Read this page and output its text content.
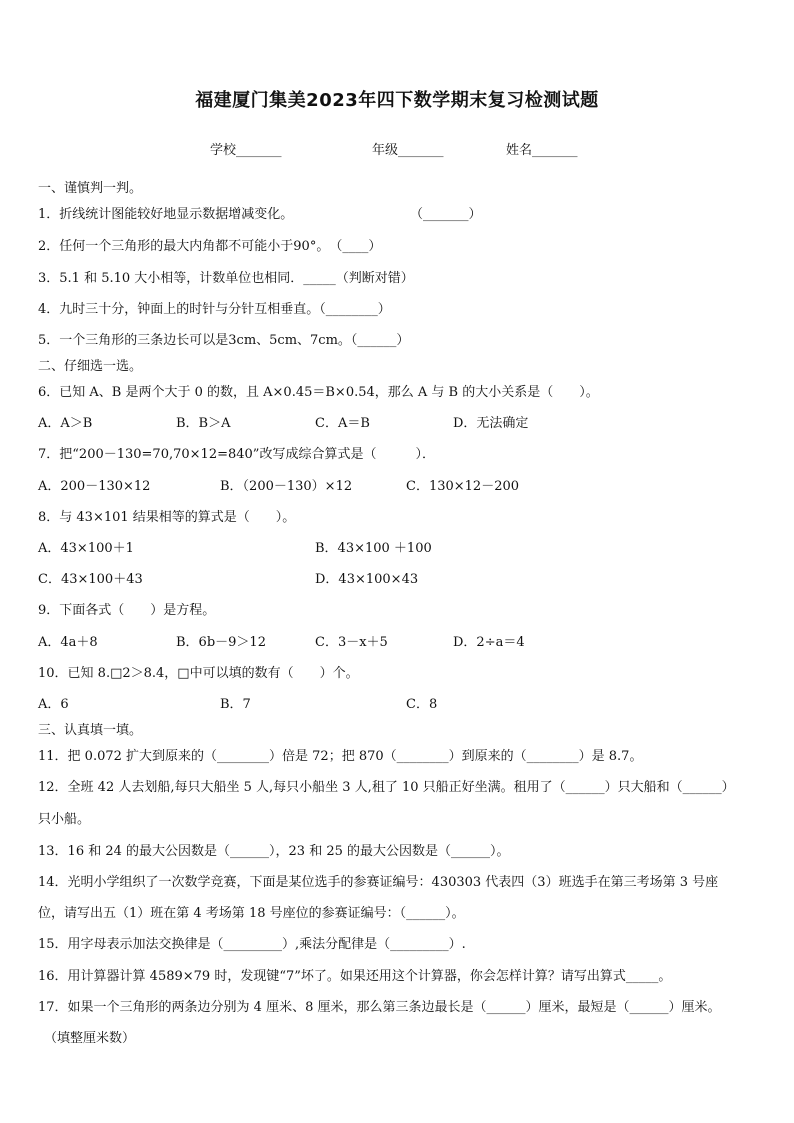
福建厦门集美2023年四下数学期末复习检测试题
学校_______	年级_______	姓名_______
一、谨慎判一判。
1．折线统计图能较好地显示数据增减变化。	（_______）
2．任何一个三角形的最大内角都不可能小于90°。　（____）
3．5.1 和 5.10 大小相等，计数单位也相同．_____（判断对错）
4．九时三十分，钟面上的时针与分针互相垂直。（________）
5．一个三角形的三条边长可以是3cm、5cm、7cm。（______）
二、仔细选一选。
6．已知 A、B 是两个大于 0 的数，且 A×0.45＝B×0.54，那么 A 与 B 的大小关系是（　　）。
A．A＞B	B．B＞A	C．A＝B	D．无法确定
7．把“200－130=70,70×12=840”改写成综合算式是（　　　）．
A．200－130×12	B．（200－130）×12	C．130×12－200
8．与 43×101 结果相等的算式是（　　）。
A．43×100＋1	B．43×100 ＋100
C．43×100＋43	D．43×100×43
9．下面各式（　　）是方程。
A．4a＋8	B．6b－9＞12	C．3－x＋5	D．2÷a＝4
10．已知 8.□2＞8.4，□中可以填的数有（　　）个。
A．6	B．7	C．8
三、认真填一填。
11．把 0.072 扩大到原来的（________）倍是 72；把 870（________）到原来的（________）是 8.7。
12．全班 42 人去划船,每只大船坐 5 人,每只小船坐 3 人,租了 10 只船正好坐满。租用了（______）只大船和（______）
只小船。
13．16 和 24 的最大公因数是（______），23 和 25 的最大公因数是（______）。
14．光明小学组织了一次数学竞赛，下面是某位选手的参赛证编号：430303 代表四（3）班选手在第三考场第 3 号座
位，请写出五（1）班在第 4 考场第 18 号座位的参赛证编号：（______）。
15．用字母表示加法交换律是（_________）,乘法分配律是（_________）.
16．用计算器计算 4589×79 时，发现键“7”坏了。如果还用这个计算器，你会怎样计算？请写出算式_____。
17．如果一个三角形的两条边分别为 4 厘米、8 厘米，那么第三条边最长是（______）厘米，最短是（______）厘米。
（填整厘米数）
